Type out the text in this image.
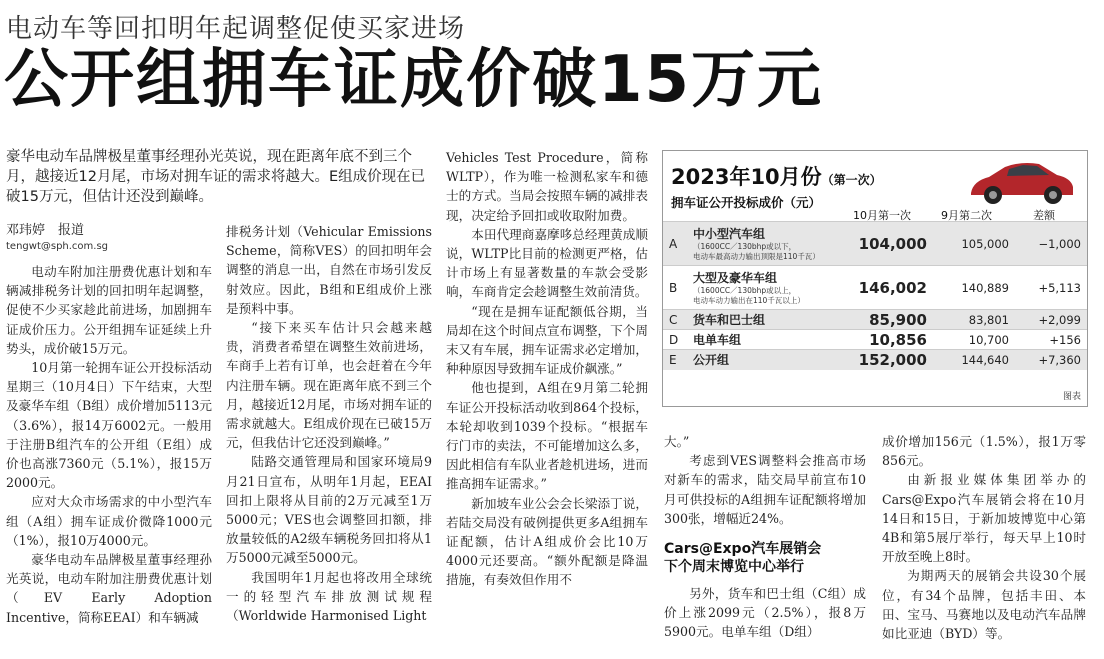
电动车等回扣明年起调整促使买家进场
公开组拥车证成价破15万元
豪华电动车品牌极星董事经理孙光英说，现在距离年底不到三个月，越接近12月尾，市场对拥车证的需求将越大。E组成价现在已破15万元，但估计还没到巅峰。
邓玮婷　报道
tengwt@sph.com.sg

电动车附加注册费优惠计划和车辆减排税务计划的回扣明年起调整，促使不少买家趁此前进场，加剧拥车证成价压力。公开组拥车证延续上升势头，成价破15万元。

10月第一轮拥车证公开投标活动星期三（10月4日）下午结束，大型及豪华车组（B组）成价增加5113元（3.6%），报14万6002元。一般用于注册B组汽车的公开组（E组）成价也高涨7360元（5.1%），报15万2000元。

应对大众市场需求的中小型汽车组（A组）拥车证成价微降1000元（1%），报10万4000元。

豪华电动车品牌极星董事经理孙光英说，电动车附加注册费优惠计划（EV Early Adoption Incentive，简称EEAI）和车辆减

排税务计划（Vehicular Emissions Scheme，简称VES）的回扣明年会调整的消息一出，自然在市场引发反射效应。因此，B组和E组成价上涨是预料中事。

“接下来买车估计只会越来越贵，消费者希望在调整生效前进场，车商手上若有订单，也会赶着在今年内注册车辆。现在距离年底不到三个月，越接近12月尾，市场对拥车证的需求就越大。E组成价现在已破15万元，但我估计它还没到巅峰。”

陆路交通管理局和国家环境局9月21日宣布，从明年1月起，EEAI回扣上限将从目前的2万元减至1万5000元；VES也会调整回扣额，排放量较低的A2级车辆税务回扣将从1万5000元减至5000元。

我国明年1月起也将改用全球统一的轻型汽车排放测试规程（Worldwide Harmonised Light

Vehicles Test Procedure，简称WLTP），作为唯一检测私家车和德士的方式。当局会按照车辆的减排表现，决定给予回扣或收取附加费。

本田代理商嘉摩哆总经理黄成顺说，WLTP比目前的检测更严格，估计市场上有显著数量的车款会受影响，车商肯定会趁调整生效前清货。

“现在是拥车证配额低谷期，当局却在这个时间点宣布调整，下个周末又有车展，拥车证需求必定增加，种种原因导致拥车证成价飙涨。”

他也提到，A组在9月第二轮拥车证公开投标活动收到864个投标，本轮却收到1039个投标。“根据车行门市的卖法，不可能增加这么多，因此相信有车队业者趁机进场，进而推高拥车证需求。”

新加坡车业公会会长梁添丁说，若陆交局没有破例提供更多A组拥车证配额，估计A组成价会比10万4000元还要高。“额外配额是降温措施，有奏效但作用不

大。”

考虑到VES调整料会推高市场对新车的需求，陆交局早前宣布10月可供投标的A组拥车证配额将增加300张，增幅近24%。

Cars@Expo汽车展销会
下个周末博览中心举行

另外，货车和巴士组（C组）成价上涨2099元（2.5%），报8万5900元。电单车组（D组）

成价增加156元（1.5%），报1万零856元。

由新报业媒体集团举办的Cars@Expo汽车展销会将在10月14日和15日，于新加坡博览中心第4B和第5展厅举行，每天早上10时开放至晚上8时。

为期两天的展销会共设30个展位，有34个品牌，包括丰田、本田、宝马、马赛地以及电动汽车品牌如比亚迪（BYD）等。

2023年10月份（第一次）
拥车证公开投标成价（元）
10月第一次	9月第二次	差额
A	中小型汽车组
（1600CC／130bhp或以下，
电动车最高动力输出顶限是110千瓦）	104,000	105,000	−1,000
B	大型及豪华车组
（1600CC／130bhp或以上，
电动车动力输出在110千瓦以上）	146,002	140,889	+5,113
C	货车和巴士组	85,900	83,801	+2,099
D	电单车组	10,856	10,700	+156
E	公开组	152,000	144,640	+7,360
图表
